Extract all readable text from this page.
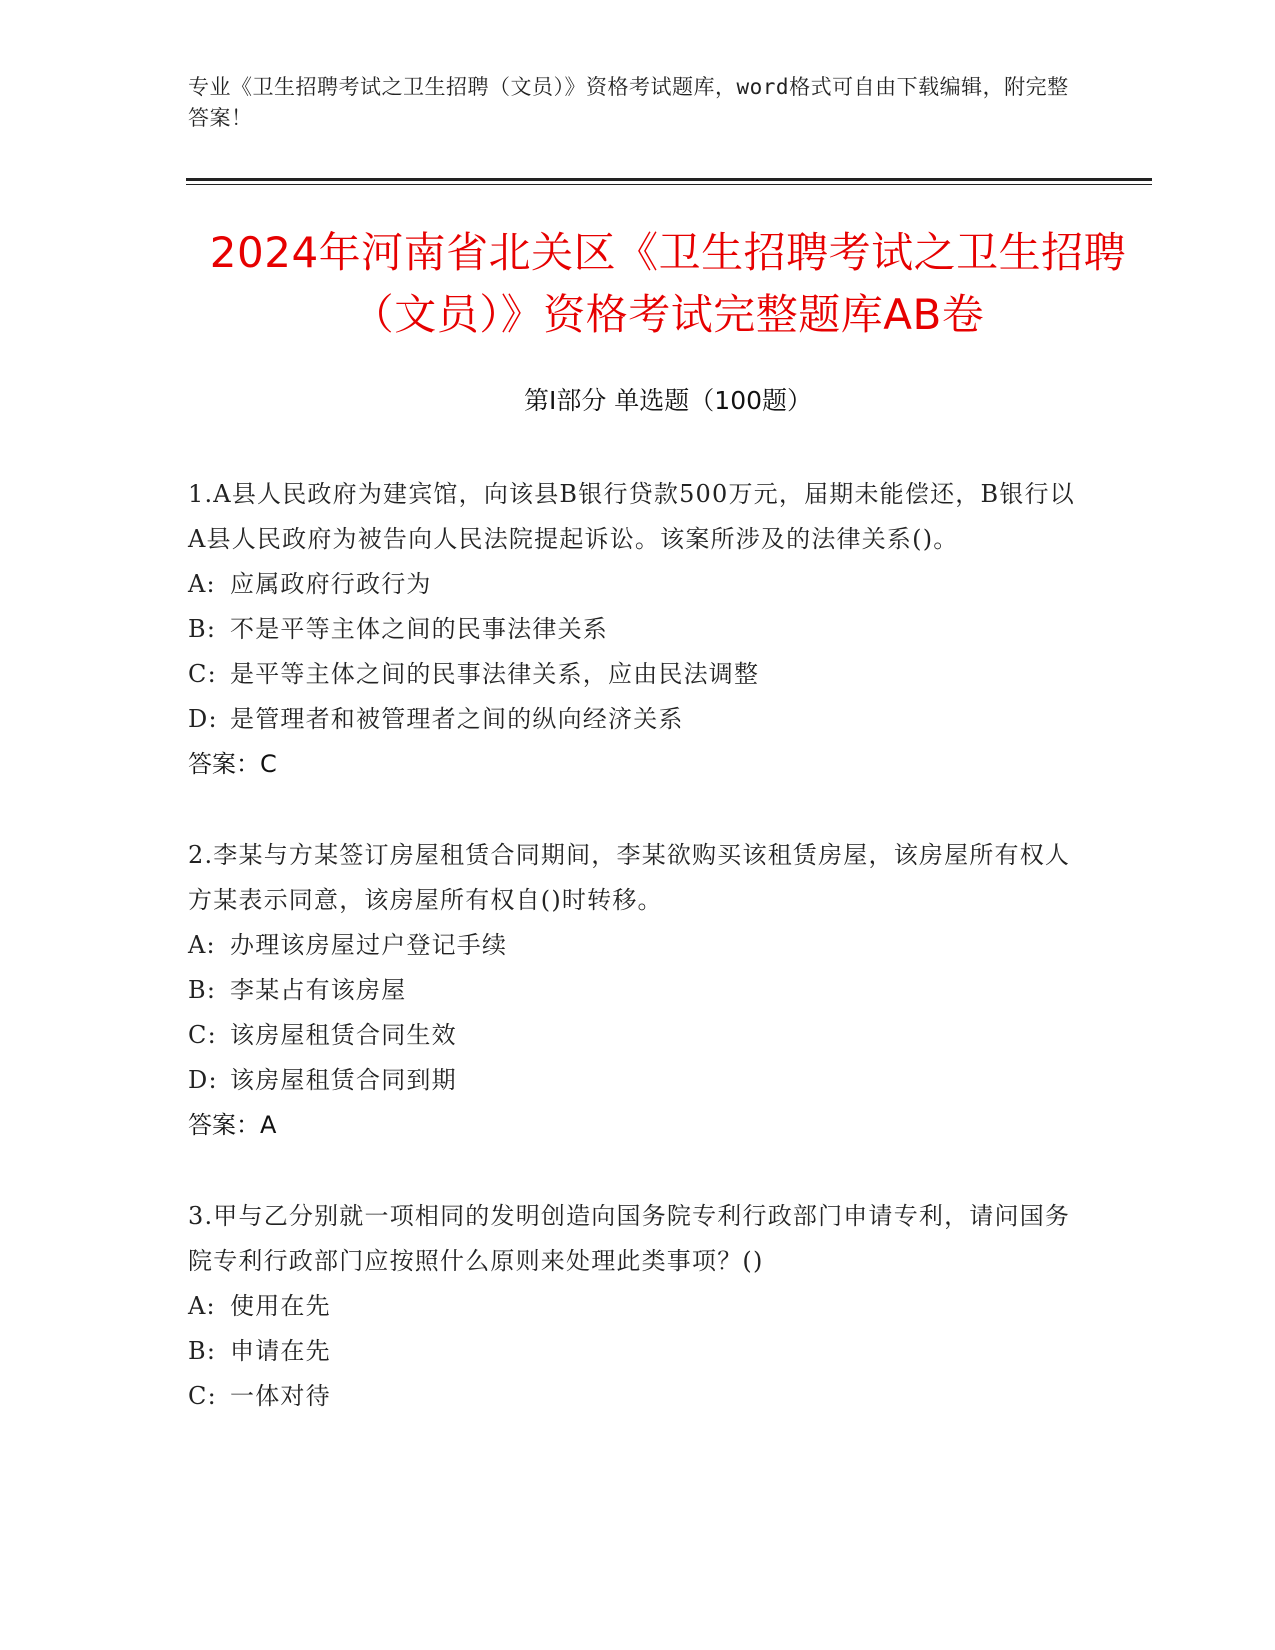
专业《卫生招聘考试之卫生招聘（文员）》资格考试题库，word格式可自由下载编辑，附完整答案！
2024年河南省北关区《卫生招聘考试之卫生招聘（文员）》资格考试完整题库AB卷
第I部分 单选题（100题）
1.A县人民政府为建宾馆，向该县B银行贷款500万元，届期未能偿还，B银行以A县人民政府为被告向人民法院提起诉讼。该案所涉及的法律关系()。
A: 应属政府行政行为
B: 不是平等主体之间的民事法律关系
C: 是平等主体之间的民事法律关系，应由民法调整
D: 是管理者和被管理者之间的纵向经济关系
答案：C
2.李某与方某签订房屋租赁合同期间，李某欲购买该租赁房屋，该房屋所有权人方某表示同意，该房屋所有权自()时转移。
A: 办理该房屋过户登记手续
B: 李某占有该房屋
C: 该房屋租赁合同生效
D: 该房屋租赁合同到期
答案：A
3.甲与乙分别就一项相同的发明创造向国务院专利行政部门申请专利，请问国务院专利行政部门应按照什么原则来处理此类事项？()
A: 使用在先
B: 申请在先
C: 一体对待
